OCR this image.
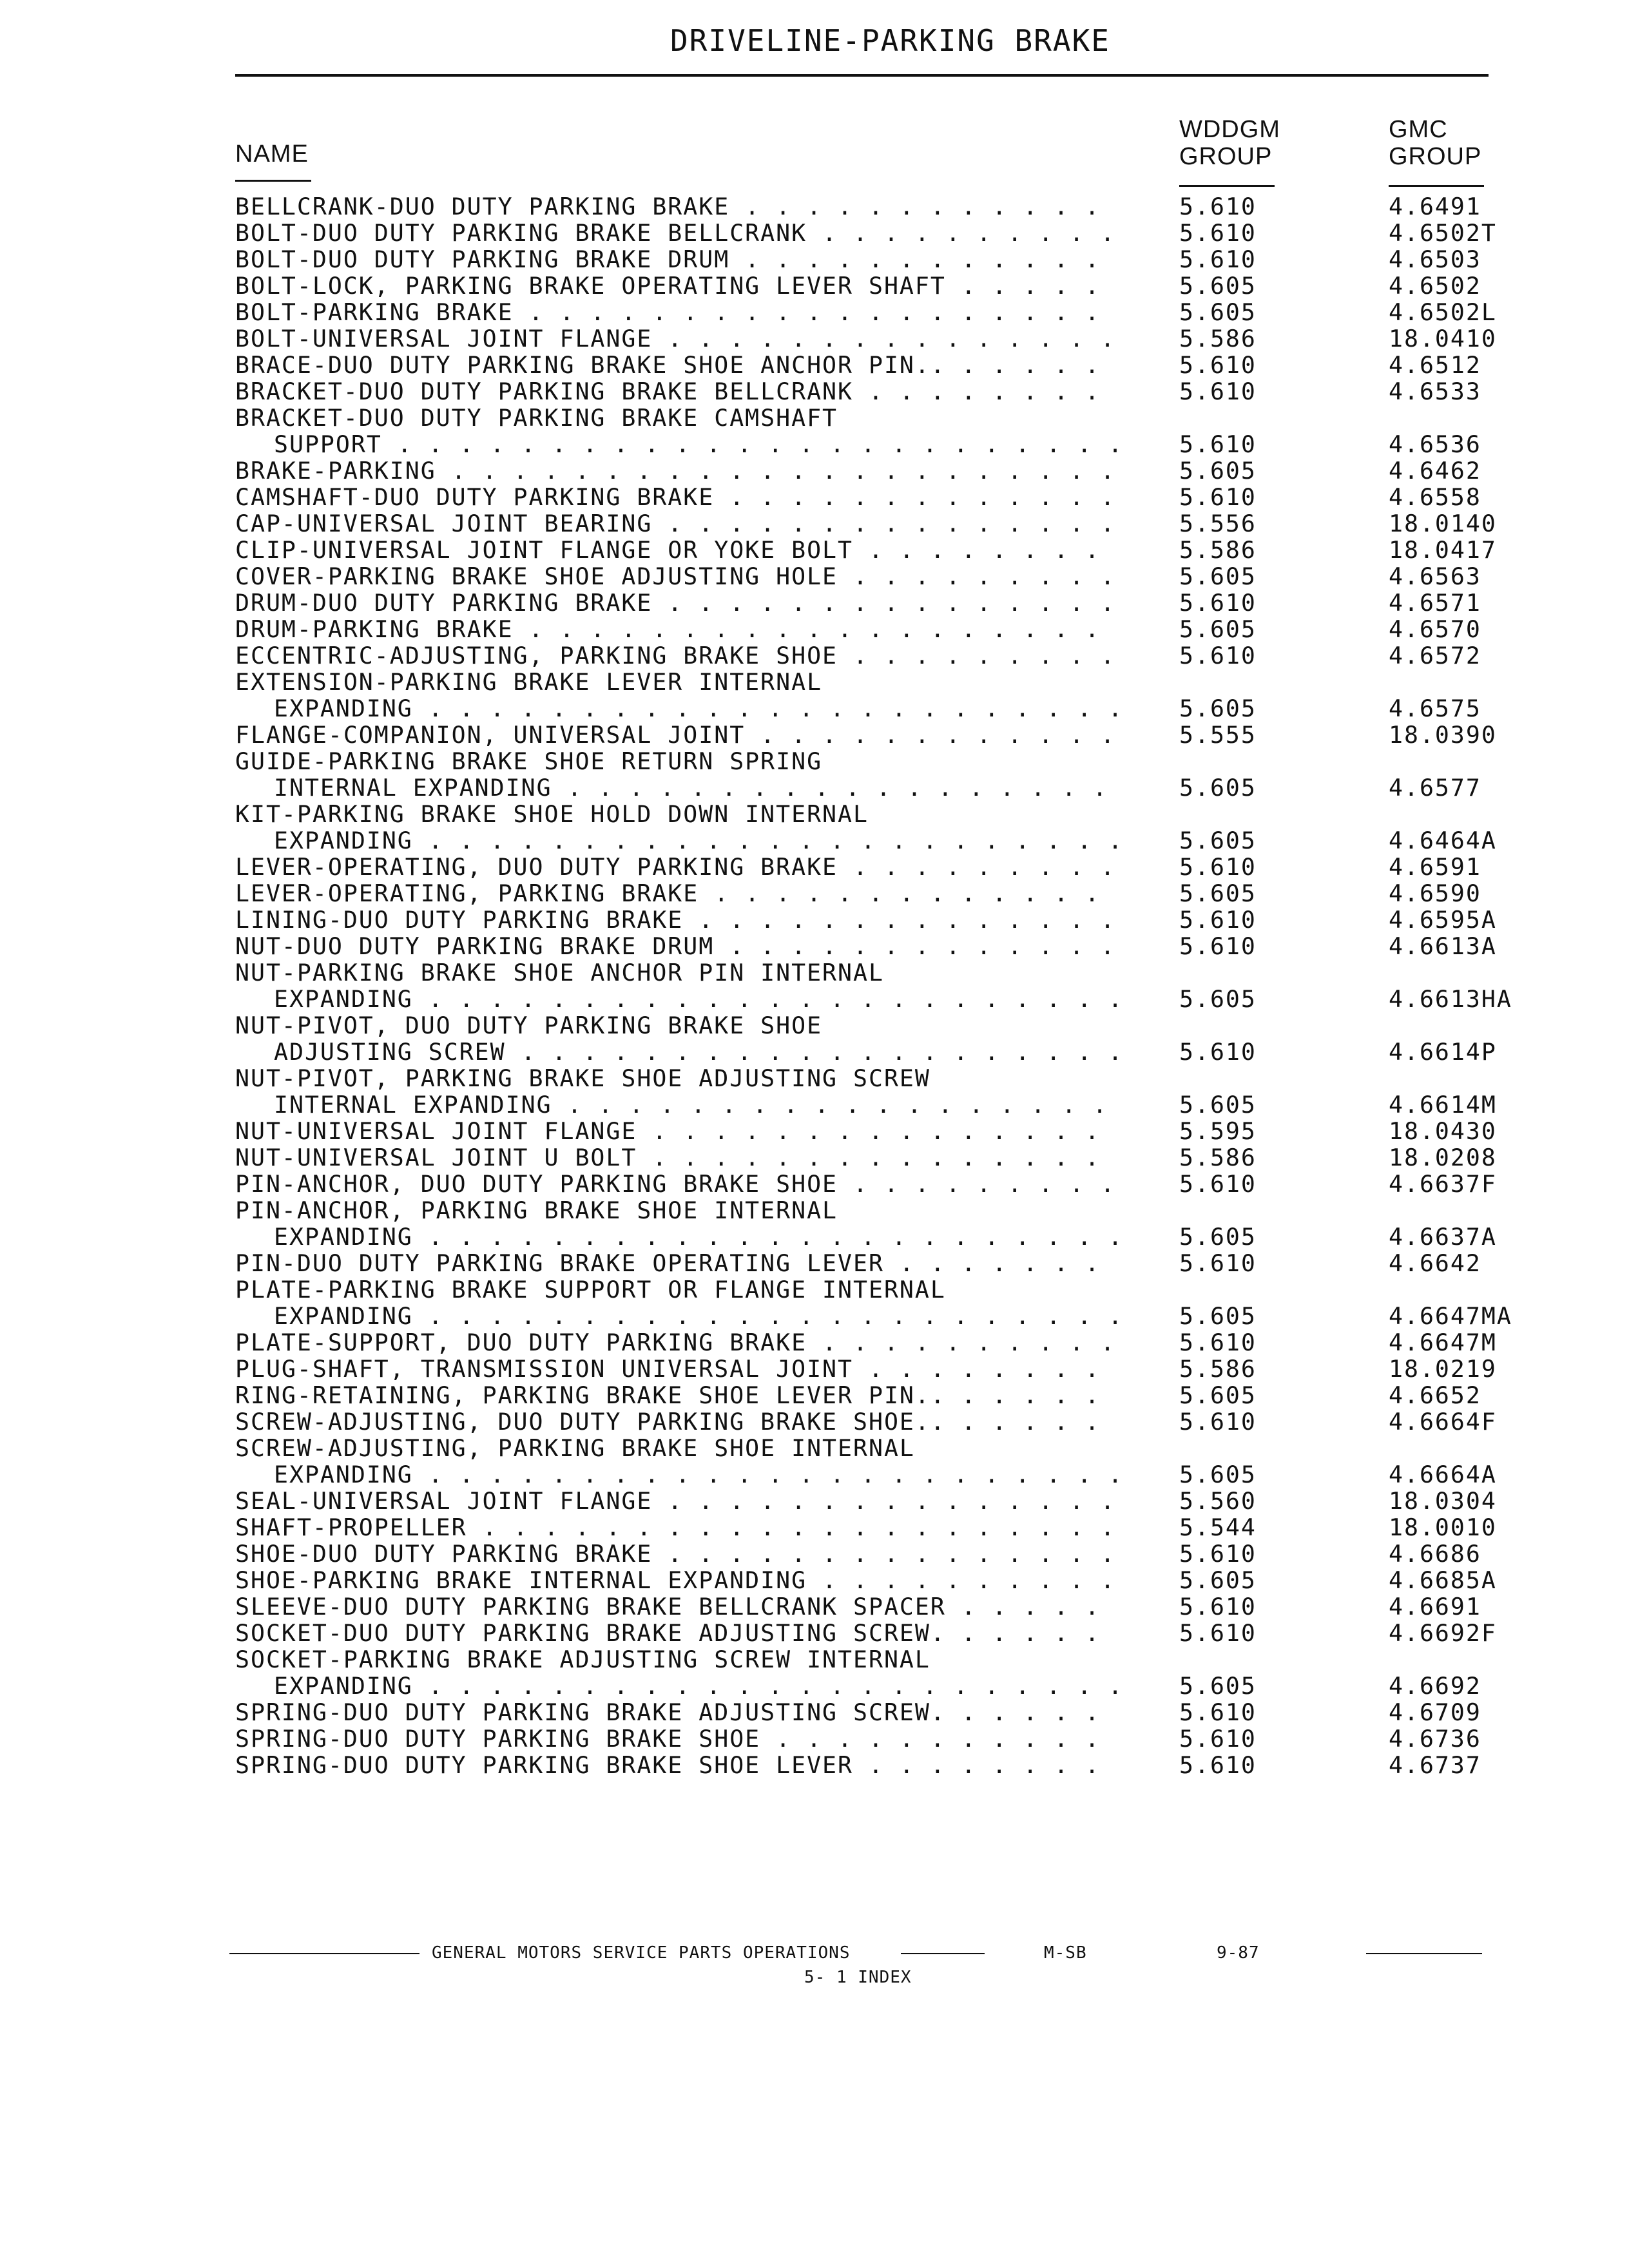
DRIVELINE-PARKING BRAKE
NAME
WDDGM
GROUP
GMC
GROUP
BELLCRANK-DUO DUTY PARKING BRAKE . . .	5.610	4.6491
BOLT-DUO DUTY PARKING BRAKE BELLCRANK . . .	5.610	4.6502T
BOLT-DUO DUTY PARKING BRAKE DRUM . . .	5.610	4.6503
BOLT-LOCK, PARKING BRAKE OPERATING LEVER SHAFT . . .	5.605	4.6502
BOLT-PARKING BRAKE . . .	5.605	4.6502L
BOLT-UNIVERSAL JOINT FLANGE . . .	5.586	18.0410
BRACE-DUO DUTY PARKING BRAKE SHOE ANCHOR PIN.. . . .	5.610	4.6512
BRACKET-DUO DUTY PARKING BRAKE BELLCRANK . . .	5.610	4.6533
BRACKET-DUO DUTY PARKING BRAKE CAMSHAFT
SUPPORT . . .	5.610	4.6536
BRAKE-PARKING . . .	5.605	4.6462
CAMSHAFT-DUO DUTY PARKING BRAKE . . .	5.610	4.6558
CAP-UNIVERSAL JOINT BEARING . . .	5.556	18.0140
CLIP-UNIVERSAL JOINT FLANGE OR YOKE BOLT . . .	5.586	18.0417
COVER-PARKING BRAKE SHOE ADJUSTING HOLE . . .	5.605	4.6563
DRUM-DUO DUTY PARKING BRAKE . . .	5.610	4.6571
DRUM-PARKING BRAKE . . .	5.605	4.6570
ECCENTRIC-ADJUSTING, PARKING BRAKE SHOE . . .	5.610	4.6572
EXTENSION-PARKING BRAKE LEVER INTERNAL
EXPANDING . . .	5.605	4.6575
FLANGE-COMPANION, UNIVERSAL JOINT . . .	5.555	18.0390
GUIDE-PARKING BRAKE SHOE RETURN SPRING
INTERNAL EXPANDING . . .	5.605	4.6577
KIT-PARKING BRAKE SHOE HOLD DOWN INTERNAL
EXPANDING . . .	5.605	4.6464A
LEVER-OPERATING, DUO DUTY PARKING BRAKE . . .	5.610	4.6591
LEVER-OPERATING, PARKING BRAKE . . .	5.605	4.6590
LINING-DUO DUTY PARKING BRAKE . . .	5.610	4.6595A
NUT-DUO DUTY PARKING BRAKE DRUM . . .	5.610	4.6613A
NUT-PARKING BRAKE SHOE ANCHOR PIN INTERNAL
EXPANDING . . .	5.605	4.6613HA
NUT-PIVOT, DUO DUTY PARKING BRAKE SHOE
ADJUSTING SCREW . . .	5.610	4.6614P
NUT-PIVOT, PARKING BRAKE SHOE ADJUSTING SCREW
INTERNAL EXPANDING . . .	5.605	4.6614M
NUT-UNIVERSAL JOINT FLANGE . . .	5.595	18.0430
NUT-UNIVERSAL JOINT U BOLT . . .	5.586	18.0208
PIN-ANCHOR, DUO DUTY PARKING BRAKE SHOE . . .	5.610	4.6637F
PIN-ANCHOR, PARKING BRAKE SHOE INTERNAL
EXPANDING . . .	5.605	4.6637A
PIN-DUO DUTY PARKING BRAKE OPERATING LEVER . . .	5.610	4.6642
PLATE-PARKING BRAKE SUPPORT OR FLANGE INTERNAL
EXPANDING . . .	5.605	4.6647MA
PLATE-SUPPORT, DUO DUTY PARKING BRAKE . . .	5.610	4.6647M
PLUG-SHAFT, TRANSMISSION UNIVERSAL JOINT . . .	5.586	18.0219
RING-RETAINING, PARKING BRAKE SHOE LEVER PIN.. . . .	5.605	4.6652
SCREW-ADJUSTING, DUO DUTY PARKING BRAKE SHOE.. . . .	5.610	4.6664F
SCREW-ADJUSTING, PARKING BRAKE SHOE INTERNAL
EXPANDING . . .	5.605	4.6664A
SEAL-UNIVERSAL JOINT FLANGE . . .	5.560	18.0304
SHAFT-PROPELLER . . .	5.544	18.0010
SHOE-DUO DUTY PARKING BRAKE . . .	5.610	4.6686
SHOE-PARKING BRAKE INTERNAL EXPANDING . . .	5.605	4.6685A
SLEEVE-DUO DUTY PARKING BRAKE BELLCRANK SPACER . . .	5.610	4.6691
SOCKET-DUO DUTY PARKING BRAKE ADJUSTING SCREW. . . .	5.610	4.6692F
SOCKET-PARKING BRAKE ADJUSTING SCREW INTERNAL
EXPANDING . . .	5.605	4.6692
SPRING-DUO DUTY PARKING BRAKE ADJUSTING SCREW. . . .	5.610	4.6709
SPRING-DUO DUTY PARKING BRAKE SHOE . . .	5.610	4.6736
SPRING-DUO DUTY PARKING BRAKE SHOE LEVER . . .	5.610	4.6737
GENERAL MOTORS SERVICE PARTS OPERATIONS	M-SB	9-87
5- 1 INDEX
